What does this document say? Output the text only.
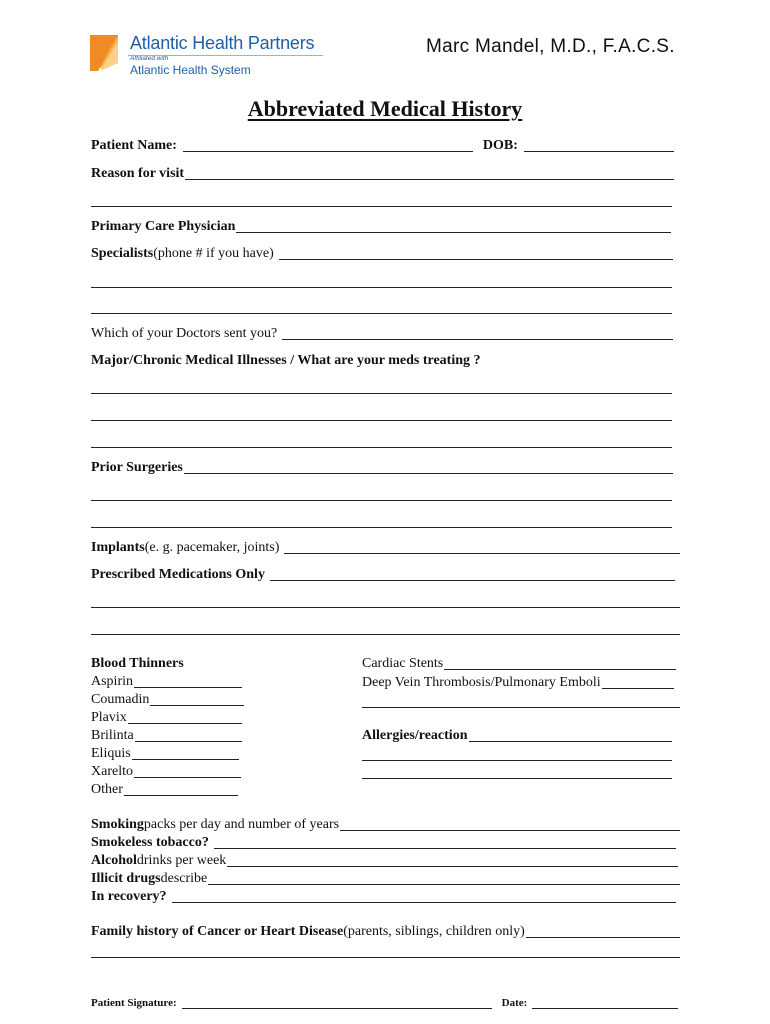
Atlantic Health Partners
Affiliated with
Atlantic Health System
Marc Mandel, M.D., F.A.C.S.
Abbreviated Medical History
Patient Name:	DOB:
Reason for visit
Primary Care Physician
Specialists (phone # if you have)
Which of your Doctors sent you?
Major/Chronic Medical Illnesses / What are your meds treating ?
Prior Surgeries
Implants (e. g. pacemaker, joints)
Prescribed Medications Only
Blood Thinners
Aspirin
Coumadin
Plavix
Brilinta
Eliquis
Xarelto
Other
Cardiac Stents
Deep Vein Thrombosis/Pulmonary Emboli
Allergies/reaction
Smoking packs per day and number of years
Smokeless tobacco?
Alcohol drinks per week
Illicit drugs describe
In recovery?
Family history of Cancer or Heart Disease (parents, siblings, children only)
Patient Signature:	Date:
